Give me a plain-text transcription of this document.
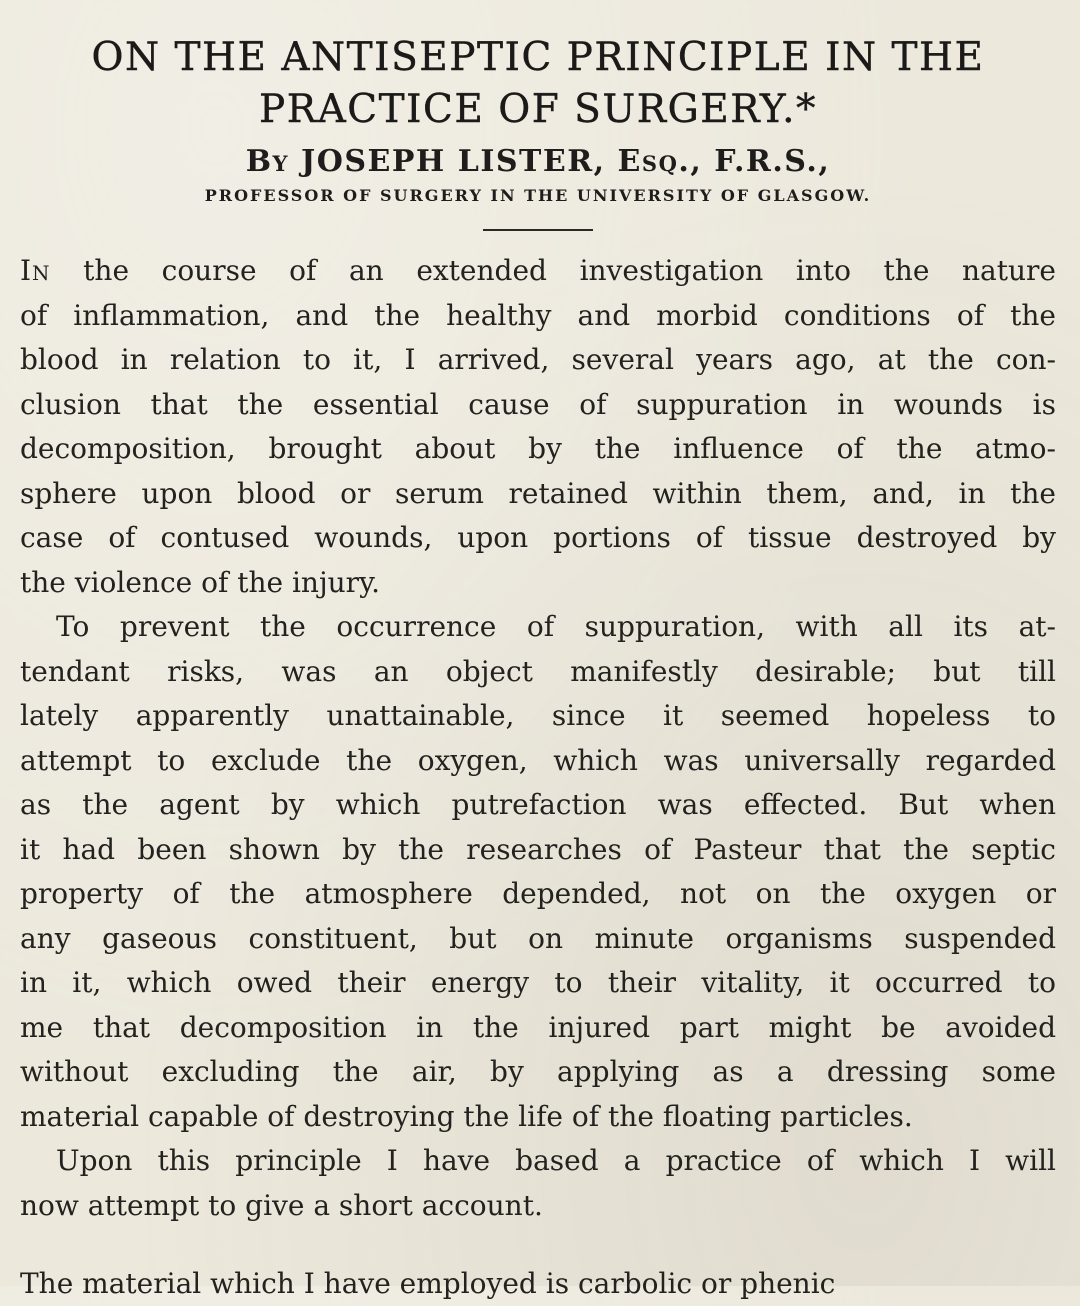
ON THE ANTISEPTIC PRINCIPLE IN THE
PRACTICE OF SURGERY.*
By JOSEPH LISTER, Esq., F.R.S.,
PROFESSOR OF SURGERY IN THE UNIVERSITY OF GLASGOW.

In the course of an extended investigation into the nature
of inflammation, and the healthy and morbid conditions of the
blood in relation to it, I arrived, several years ago, at the con-
clusion that the essential cause of suppuration in wounds is
decomposition, brought about by the influence of the atmo-
sphere upon blood or serum retained within them, and, in the
case of contused wounds, upon portions of tissue destroyed by
the violence of the injury.

To prevent the occurrence of suppuration, with all its at-
tendant risks, was an object manifestly desirable; but till
lately apparently unattainable, since it seemed hopeless to
attempt to exclude the oxygen, which was universally regarded
as the agent by which putrefaction was effected. But when
it had been shown by the researches of Pasteur that the septic
property of the atmosphere depended, not on the oxygen or
any gaseous constituent, but on minute organisms suspended
in it, which owed their energy to their vitality, it occurred to
me that decomposition in the injured part might be avoided
without excluding the air, by applying as a dressing some
material capable of destroying the life of the floating particles.

Upon this principle I have based a practice of which I will
now attempt to give a short account.

The material which I have employed is carbolic or phenic
